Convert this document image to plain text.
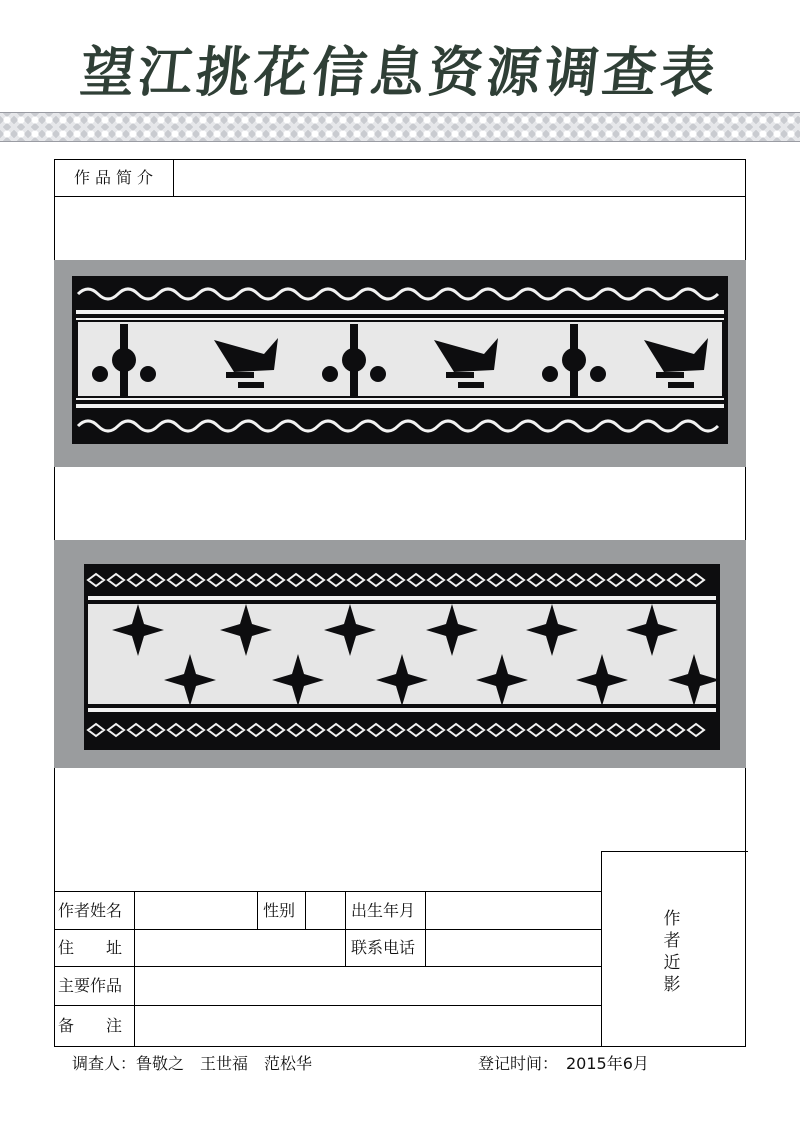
望江挑花信息资源调查表
作品简介
作者姓名	性别	出生年月
住　　址	联系电话
主要作品
备　　注
作者近影
调查人：鲁敬之　王世福　范松华	登记时间：　2015年6月
